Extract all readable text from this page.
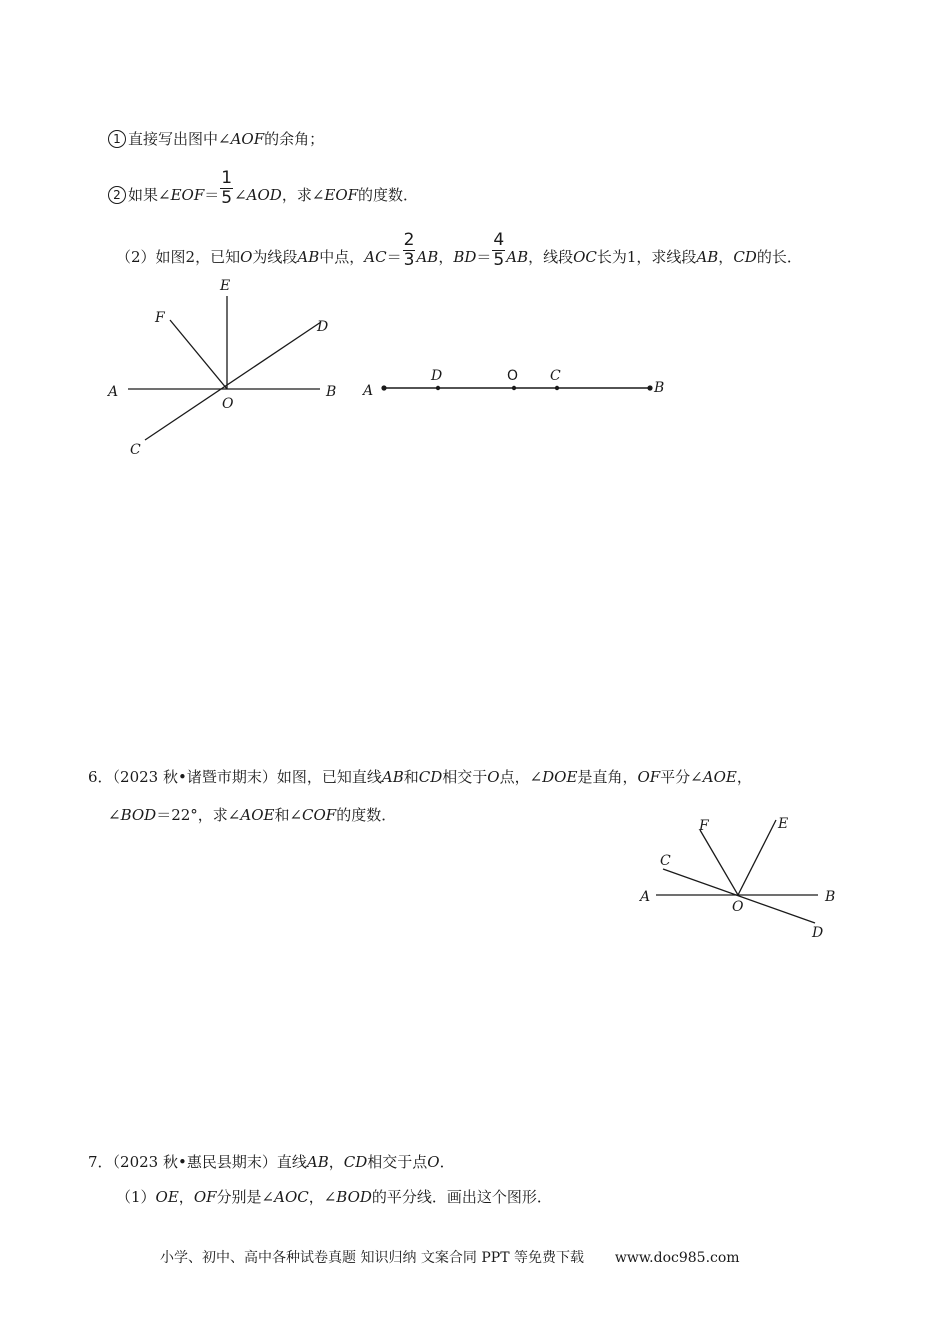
1 直接写出图中∠AOF的余角；
2 如果∠EOF＝ $\frac{1}{5}$ ∠AOD，求∠EOF的度数．
（2）如图2，已知O为线段AB中点，$AC= \frac{2}{3}$ AB，$BD= \frac{4}{5}$ AB，线段OC长为1，求线段AB，CD的长．
A	B
C
D
E
F
O
A
D	O C
B
6．（2023 秋•诸暨市期末）如图，已知直线AB和CD相交于O点，∠DOE是直角，OF平分∠AOE，
∠BOD＝22°，求∠AOE和∠COF的度数．
A	B
C
D
E
F
O
7．（2023 秋•惠民县期末）直线AB，CD相交于点O．
（1）OE，OF分别是∠AOC，∠BOD的平分线．画出这个图形．
小学、初中、高中各种试卷真题 知识归纳 文案合同 PPT 等免费下载 www.doc985.com
